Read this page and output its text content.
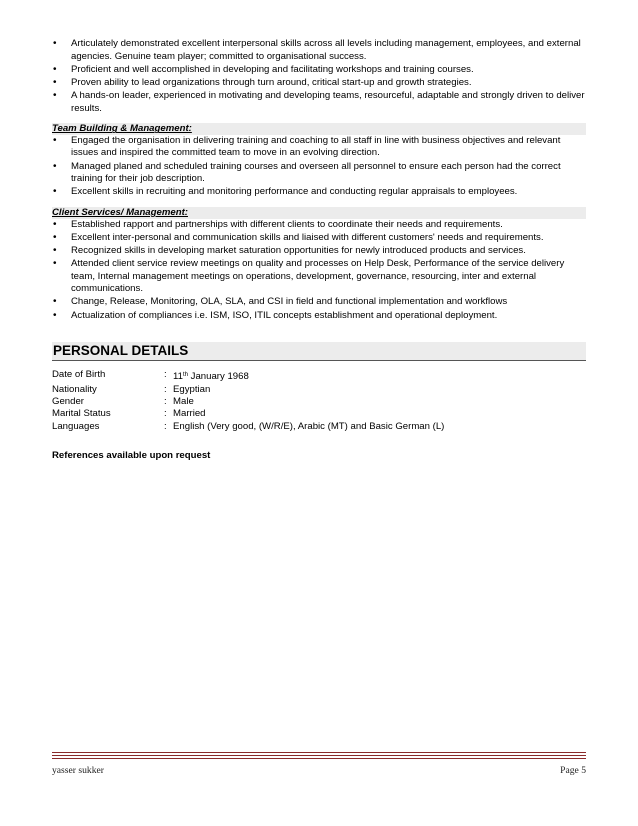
• Articulately demonstrated excellent interpersonal skills across all levels including management, employees, and external agencies. Genuine team player; committed to organisational success.
• Proficient and well accomplished in developing and facilitating workshops and training courses.
• Proven ability to lead organizations through turn around, critical start-up and growth strategies.
• A hands-on leader, experienced in motivating and developing teams, resourceful, adaptable and strongly driven to deliver results.
Team Building & Management:
• Engaged the organisation in delivering training and coaching to all staff in line with business objectives and relevant issues and inspired the committed team to move in an evolving direction.
• Managed planed and scheduled training courses and overseen all personnel to ensure each person had the correct training for their job description.
• Excellent skills in recruiting and monitoring performance and conducting regular appraisals to employees.
Client Services/ Management:
• Established rapport and partnerships with different clients to coordinate their needs and requirements.
• Excellent inter-personal and communication skills and liaised with different customers' needs and requirements.
• Recognized skills in developing market saturation opportunities for newly introduced products and services.
• Attended client service review meetings on quality and processes on Help Desk, Performance of the service delivery team, Internal management meetings on operations, development, governance, resourcing, inter and external communications.
• Change, Release, Monitoring, OLA, SLA, and CSI in field and functional implementation and workflows
• Actualization of compliances i.e. ISM, ISO, ITIL concepts establishment and operational deployment.
PERSONAL DETAILS
Date of Birth	: 11th January 1968
Nationality	: Egyptian
Gender	: Male
Marital Status	: Married
Languages	: English (Very good, (W/R/E), Arabic (MT) and Basic German (L)
References available upon request
yasser sukker	Page 5
